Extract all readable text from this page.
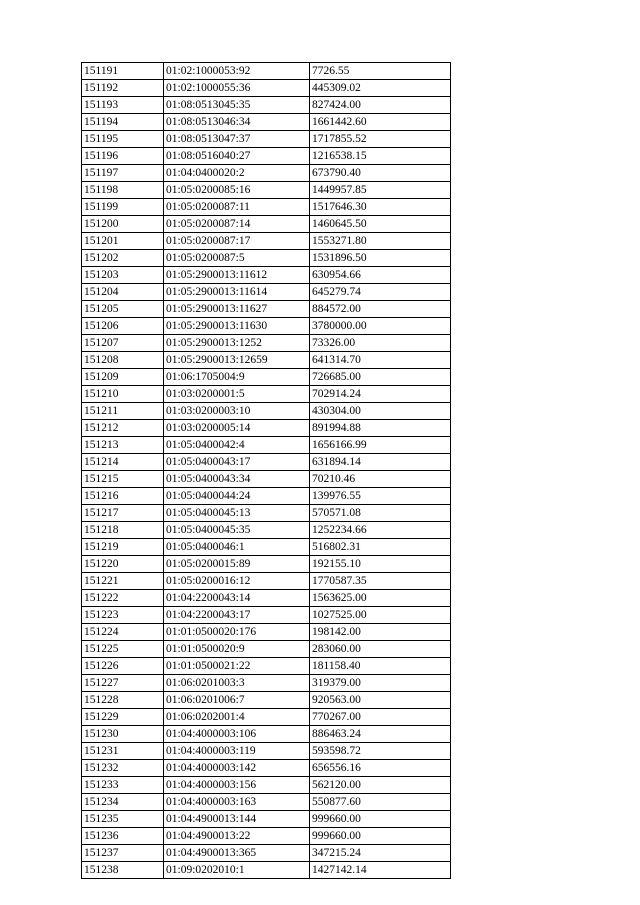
151191	01:02:1000053:92	7726.55
151192	01:02:1000055:36	445309.02
151193	01:08:0513045:35	827424.00
151194	01:08:0513046:34	1661442.60
151195	01:08:0513047:37	1717855.52
151196	01:08:0516040:27	1216538.15
151197	01:04:0400020:2	673790.40
151198	01:05:0200085:16	1449957.85
151199	01:05:0200087:11	1517646.30
151200	01:05:0200087:14	1460645.50
151201	01:05:0200087:17	1553271.80
151202	01:05:0200087:5	1531896.50
151203	01:05:2900013:11612	630954.66
151204	01:05:2900013:11614	645279.74
151205	01:05:2900013:11627	884572.00
151206	01:05:2900013:11630	3780000.00
151207	01:05:2900013:1252	73326.00
151208	01:05:2900013:12659	641314.70
151209	01:06:1705004:9	726685.00
151210	01:03:0200001:5	702914.24
151211	01:03:0200003:10	430304.00
151212	01:03:0200005:14	891994.88
151213	01:05:0400042:4	1656166.99
151214	01:05:0400043:17	631894.14
151215	01:05:0400043:34	70210.46
151216	01:05:0400044:24	139976.55
151217	01:05:0400045:13	570571.08
151218	01:05:0400045:35	1252234.66
151219	01:05:0400046:1	516802.31
151220	01:05:0200015:89	192155.10
151221	01:05:0200016:12	1770587.35
151222	01:04:2200043:14	1563625.00
151223	01:04:2200043:17	1027525.00
151224	01:01:0500020:176	198142.00
151225	01:01:0500020:9	283060.00
151226	01:01:0500021:22	181158.40
151227	01:06:0201003:3	319379.00
151228	01:06:0201006:7	920563.00
151229	01:06:0202001:4	770267.00
151230	01:04:4000003:106	886463.24
151231	01:04:4000003:119	593598.72
151232	01:04:4000003:142	656556.16
151233	01:04:4000003:156	562120.00
151234	01:04:4000003:163	550877.60
151235	01:04:4900013:144	999660.00
151236	01:04:4900013:22	999660.00
151237	01:04:4900013:365	347215.24
151238	01:09:0202010:1	1427142.14
